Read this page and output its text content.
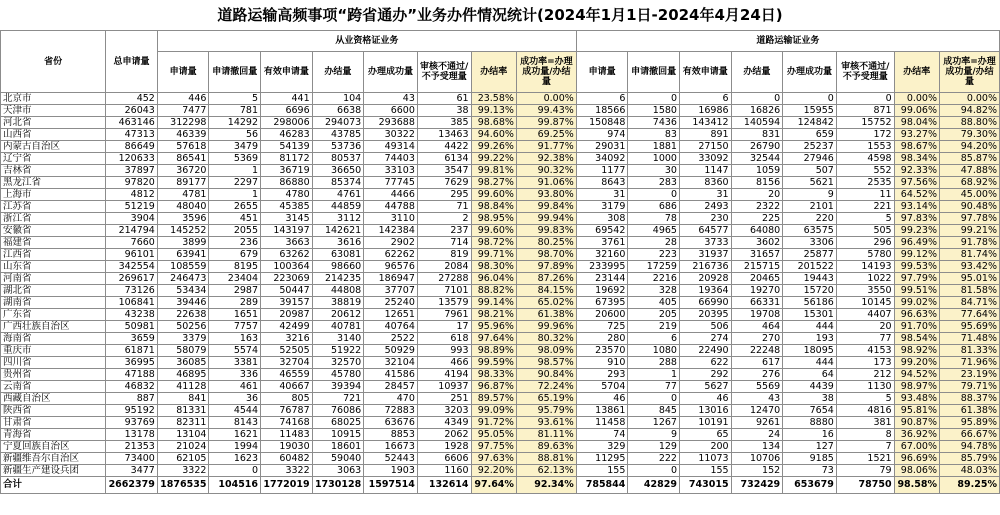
道路运输高频事项“跨省通办”业务办件情况统计(2024年1月1日-2024年4月24日)
省份	总申请量	从业资格证业务								道路运输证业务							
		申请量	申请撤回量	有效申请量	办结量	办理成功量	审核不通过/不予受理量	办结率	成功率=办理成功量/办结量	申请量	申请撤回量	有效申请量	办结量	办理成功量	审核不通过/不予受理量	办结率	成功率=办理成功量/办结量
北京市	452	446	5	441	104	43	61	23.58%	0.00%	6	0	6	0	0	0	0.00%	0.00%
天津市	26043	7477	781	6696	6638	6600	38	99.13%	99.43%	18566	1580	16986	16826	15955	871	99.06%	94.82%
河北省	463146	312298	14292	298006	294073	293688	385	98.68%	99.87%	150848	7436	143412	140594	124842	15752	98.04%	88.80%
山西省	47313	46339	56	46283	43785	30322	13463	94.60%	69.25%	974	83	891	831	659	172	93.27%	79.30%
内蒙古自治区	86649	57618	3479	54139	53736	49314	4422	99.26%	91.77%	29031	1881	27150	26790	25237	1553	98.67%	94.20%
辽宁省	120633	86541	5369	81172	80537	74403	6134	99.22%	92.38%	34092	1000	33092	32544	27946	4598	98.34%	85.87%
吉林省	37897	36720	1	36719	36650	33103	3547	99.81%	90.32%	1177	30	1147	1059	507	552	92.33%	47.88%
黑龙江省	97820	89177	2297	86880	85374	77745	7629	98.27%	91.06%	8643	283	8360	8156	5621	2535	97.56%	68.92%
上海市	4812	4781	1	4780	4761	4466	295	99.60%	93.80%	31	0	31	20	9	11	64.52%	45.00%
江苏省	51219	48040	2655	45385	44859	44788	71	98.84%	99.84%	3179	686	2493	2322	2101	221	93.14%	90.48%
浙江省	3904	3596	451	3145	3112	3110	2	98.95%	99.94%	308	78	230	225	220	5	97.83%	97.78%
安徽省	214794	145252	2055	143197	142621	142384	237	99.60%	99.83%	69542	4965	64577	64080	63575	505	99.23%	99.21%
福建省	7660	3899	236	3663	3616	2902	714	98.72%	80.25%	3761	28	3733	3602	3306	296	96.49%	91.78%
江西省	96101	63941	679	63262	63081	62262	819	99.71%	98.70%	32160	223	31937	31657	25877	5780	99.12%	81.74%
山东省	342554	108559	8195	100364	98660	96576	2084	98.30%	97.89%	233995	17259	216736	215715	201522	14193	99.53%	93.42%
河南省	269617	246473	23404	223069	214235	186947	27288	96.04%	87.26%	23144	2216	20928	20465	19443	1022	97.79%	95.01%
湖北省	73126	53434	2987	50447	44808	37707	7101	88.82%	84.15%	19692	328	19364	19270	15720	3550	99.51%	81.58%
湖南省	106841	39446	289	39157	38819	25240	13579	99.14%	65.02%	67395	405	66990	66331	56186	10145	99.02%	84.71%
广东省	43238	22638	1651	20987	20612	12651	7961	98.21%	61.38%	20600	205	20395	19708	15301	4407	96.63%	77.64%
广西壮族自治区	50981	50256	7757	42499	40781	40764	17	95.96%	99.96%	725	219	506	464	444	20	91.70%	95.69%
海南省	3659	3379	163	3216	3140	2522	618	97.64%	80.32%	280	6	274	270	193	77	98.54%	71.48%
重庆市	61871	58079	5574	52505	51922	50929	993	98.89%	98.09%	23570	1080	22490	22248	18095	4153	98.92%	81.33%
四川省	36995	36085	3381	32704	32570	32104	466	99.59%	98.57%	910	288	622	617	444	173	99.20%	71.96%
贵州省	47188	46895	336	46559	45780	41586	4194	98.33%	90.84%	293	1	292	276	64	212	94.52%	23.19%
云南省	46832	41128	461	40667	39394	28457	10937	96.87%	72.24%	5704	77	5627	5569	4439	1130	98.97%	79.71%
西藏自治区	887	841	36	805	721	470	251	89.57%	65.19%	46	0	46	43	38	5	93.48%	88.37%
陕西省	95192	81331	4544	76787	76086	72883	3203	99.09%	95.79%	13861	845	13016	12470	7654	4816	95.81%	61.38%
甘肃省	93769	82311	8143	74168	68025	63676	4349	91.72%	93.61%	11458	1267	10191	9261	8880	381	90.87%	95.89%
青海省	13178	13104	1621	11483	10915	8853	2062	95.05%	81.11%	74	9	65	24	16	8	36.92%	66.67%
宁夏回族自治区	21353	21024	1994	19030	18601	16673	1928	97.75%	89.63%	329	129	200	134	127	7	67.00%	94.78%
新疆维吾尔自治区	73400	62105	1623	60482	59040	52443	6606	97.63%	88.81%	11295	222	11073	10706	9185	1521	96.69%	85.79%
新疆生产建设兵团	3477	3322	0	3322	3063	1903	1160	92.20%	62.13%	155	0	155	152	73	79	98.06%	48.03%
合计	2662379	1876535	104516	1772019	1730128	1597514	132614	97.64%	92.34%	785844	42829	743015	732429	653679	78750	98.58%	89.25%
